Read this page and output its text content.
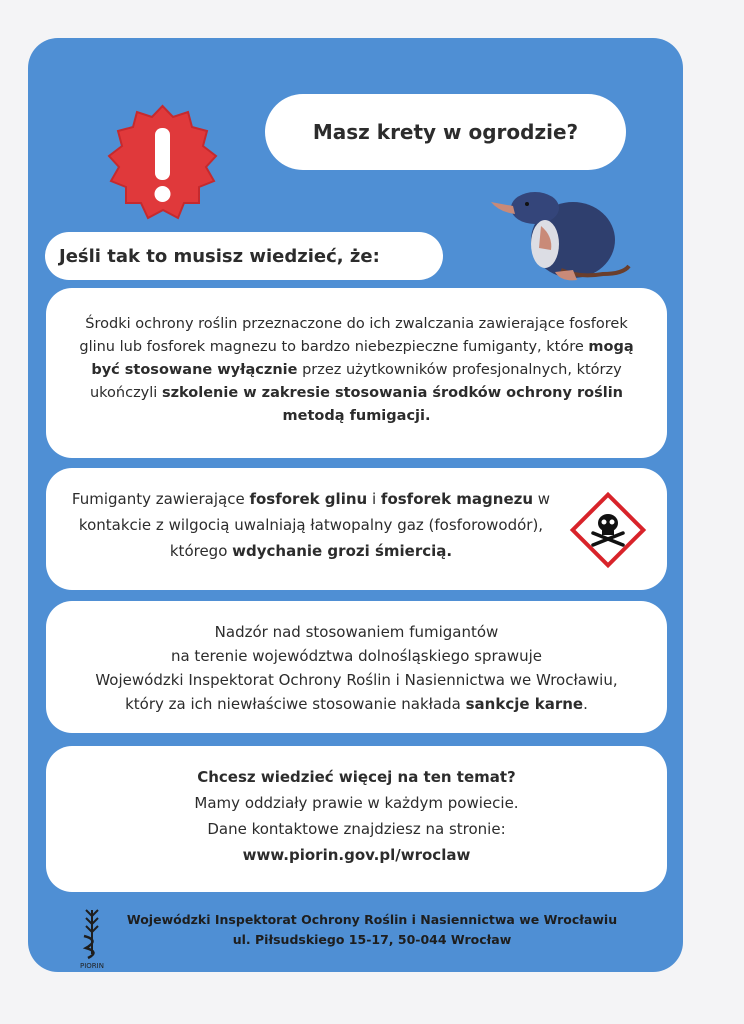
Masz krety w ogrodzie?
Jeśli tak to musisz wiedzieć, że:
Środki ochrony roślin przeznaczone do ich zwalczania zawierające fosforek glinu lub fosforek magnezu to bardzo niebezpieczne fumiganty, które mogą być stosowane wyłącznie przez użytkowników profesjonalnych, którzy ukończyli szkolenie w zakresie stosowania środków ochrony roślin metodą fumigacji.
Fumiganty zawierające fosforek glinu i fosforek magnezu w kontakcie z wilgocią uwalniają łatwopalny gaz (fosforowodór), którego wdychanie grozi śmiercią.
Nadzór nad stosowaniem fumigantów
na terenie województwa dolnośląskiego sprawuje
Wojewódzki Inspektorat Ochrony Roślin i Nasiennictwa we Wrocławiu,
który za ich niewłaściwe stosowanie nakłada sankcje karne.
Chcesz wiedzieć więcej na ten temat?
Mamy oddziały prawie w każdym powiecie.
Dane kontaktowe znajdziesz na stronie:
www.piorin.gov.pl/wroclaw
PIORIN
Wojewódzki Inspektorat Ochrony Roślin i Nasiennictwa we Wrocławiu
ul. Piłsudskiego 15-17, 50-044 Wrocław
